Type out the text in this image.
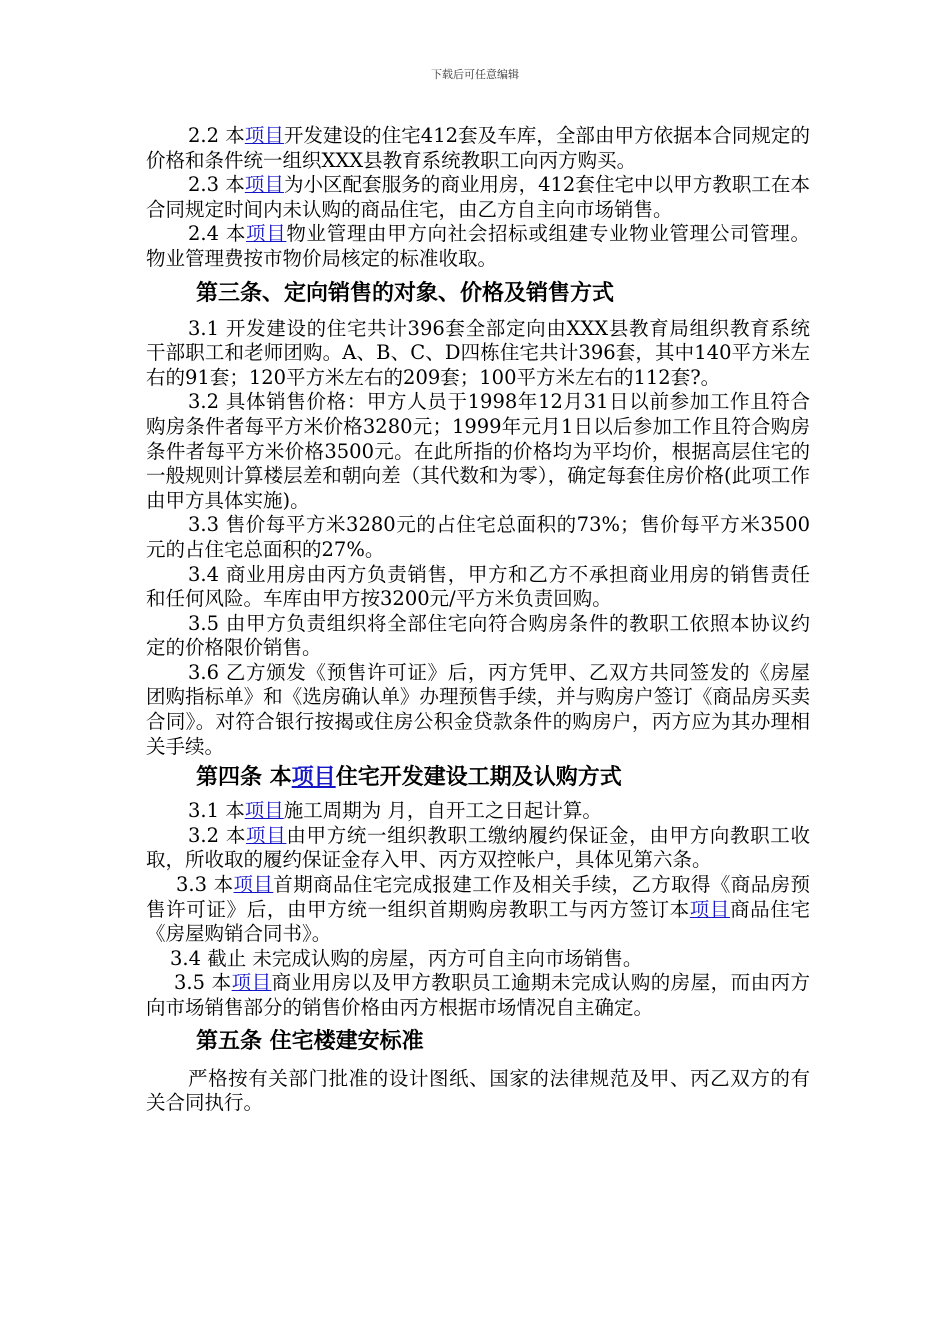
下载后可任意编辑

2.2 本项目开发建设的住宅412套及车库，全部由甲方依据本合同规定的价格和条件统一组织XXX县教育系统教职工向丙方购买。

2.3 本项目为小区配套服务的商业用房，412套住宅中以甲方教职工在本合同规定时间内未认购的商品住宅，由乙方自主向市场销售。

2.4 本项目物业管理由甲方向社会招标或组建专业物业管理公司管理。物业管理费按市物价局核定的标准收取。

第三条、定向销售的对象、价格及销售方式

3.1 开发建设的住宅共计396套全部定向由XXX县教育局组织教育系统干部职工和老师团购。A、B、C、D四栋住宅共计396套，其中140平方米左右的91套；120平方米左右的209套；100平方米左右的112套?。

3.2 具体销售价格：甲方人员于1998年12月31日以前参加工作且符合购房条件者每平方米价格3280元；1999年元月1日以后参加工作且符合购房条件者每平方米价格3500元。在此所指的价格均为平均价，根据高层住宅的一般规则计算楼层差和朝向差（其代数和为零），确定每套住房价格(此项工作由甲方具体实施)。

3.3 售价每平方米3280元的占住宅总面积的73%；售价每平方米3500元的占住宅总面积的27%。

3.4 商业用房由丙方负责销售，甲方和乙方不承担商业用房的销售责任和任何风险。车库由甲方按3200元/平方米负责回购。

3.5 由甲方负责组织将全部住宅向符合购房条件的教职工依照本协议约定的价格限价销售。

3.6 乙方颁发《预售许可证》后，丙方凭甲、乙双方共同签发的《房屋团购指标单》和《选房确认单》办理预售手续，并与购房户签订《商品房买卖合同》。对符合银行按揭或住房公积金贷款条件的购房户，丙方应为其办理相关手续。

第四条 本项目住宅开发建设工期及认购方式

3.1 本项目施工周期为 月，自开工之日起计算。

3.2 本项目由甲方统一组织教职工缴纳履约保证金，由甲方向教职工收取，所收取的履约保证金存入甲、丙方双控帐户，具体见第六条。

3.3 本项目首期商品住宅完成报建工作及相关手续，乙方取得《商品房预售许可证》后，由甲方统一组织首期购房教职工与丙方签订本项目商品住宅《房屋购销合同书》。

3.4 截止 未完成认购的房屋，丙方可自主向市场销售。

3.5 本项目商业用房以及甲方教职员工逾期未完成认购的房屋，而由丙方向市场销售部分的销售价格由丙方根据市场情况自主确定。

第五条 住宅楼建安标准

严格按有关部门批准的设计图纸、国家的法律规范及甲、丙乙双方的有关合同执行。
